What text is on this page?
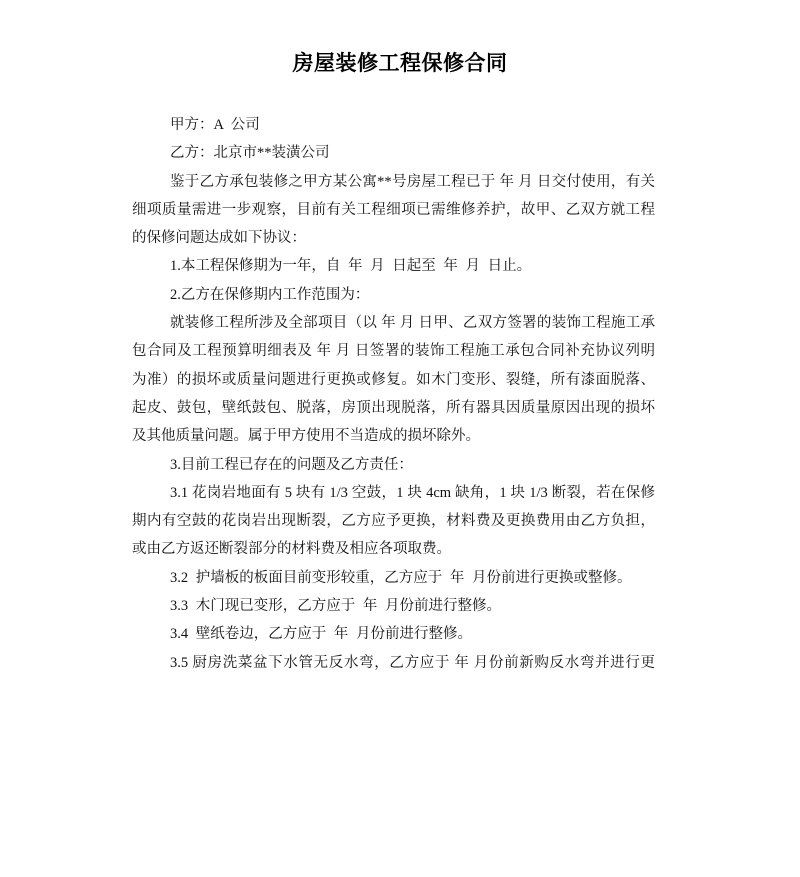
房屋装修工程保修合同

甲方：A 公司

乙方：北京市**装潢公司

鉴于乙方承包装修之甲方某公寓**号房屋工程已于 年 月 日交付使用，有关

细项质量需进一步观察，目前有关工程细项已需维修养护，故甲、乙双方就工程

的保修问题达成如下协议：

1.本工程保修期为一年，自 年 月 日起至 年 月 日止。

2.乙方在保修期内工作范围为：

就装修工程所涉及全部项目（以 年 月 日甲、乙双方签署的装饰工程施工承

包合同及工程预算明细表及 年 月 日签署的装饰工程施工承包合同补充协议列明

为准）的损坏或质量问题进行更换或修复。如木门变形、裂缝，所有漆面脱落、

起皮、鼓包，壁纸鼓包、脱落，房顶出现脱落，所有器具因质量原因出现的损坏

及其他质量问题。属于甲方使用不当造成的损坏除外。

3.目前工程已存在的问题及乙方责任：

3.1 花岗岩地面有 5 块有 1/3 空鼓，1 块 4cm 缺角，1 块 1/3 断裂，若在保修

期内有空鼓的花岗岩出现断裂，乙方应予更换，材料费及更换费用由乙方负担，

或由乙方返还断裂部分的材料费及相应各项取费。

3.2 护墙板的板面目前变形较重，乙方应于 年 月份前进行更换或整修。

3.3 木门现已变形，乙方应于 年 月份前进行整修。

3.4 壁纸卷边，乙方应于 年 月份前进行整修。

3.5 厨房洗菜盆下水管无反水弯，乙方应于 年 月份前新购反水弯并进行更
